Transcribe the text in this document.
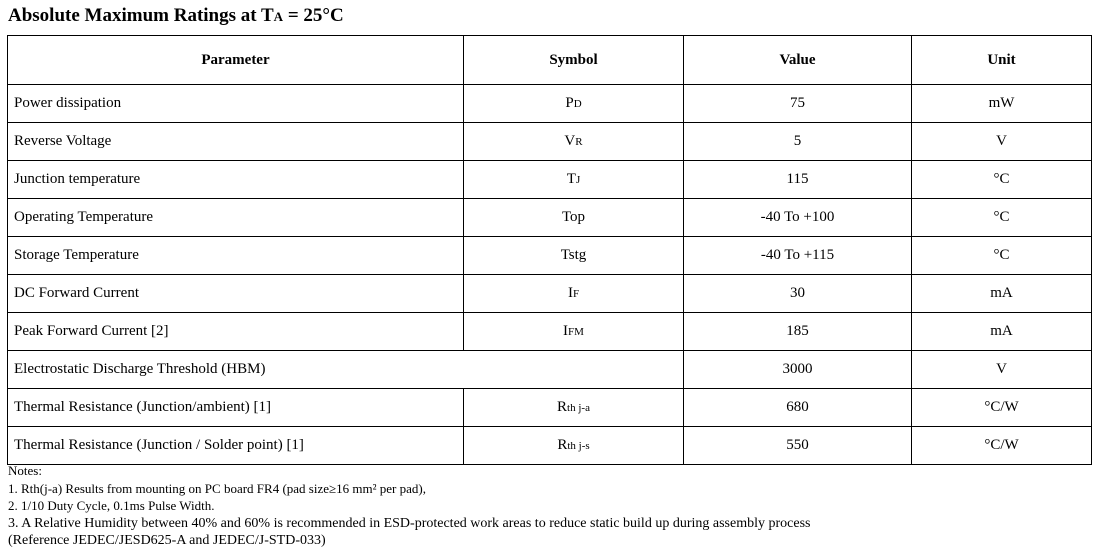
Absolute Maximum Ratings at TA = 25°C
Parameter	Symbol	Value	Unit
Power dissipation	PD	75	mW
Reverse Voltage	VR	5	V
Junction temperature	TJ	115	°C
Operating Temperature	Top	-40 To +100	°C
Storage Temperature	Tstg	-40 To +115	°C
DC Forward Current	IF	30	mA
Peak Forward Current [2]	IFM	185	mA
Electrostatic Discharge Threshold (HBM)		3000	V
Thermal Resistance (Junction/ambient) [1]	Rth j-a	680	°C/W
Thermal Resistance (Junction / Solder point) [1]	Rth j-s	550	°C/W
Notes:
1. Rth(j-a) Results from mounting on PC board FR4 (pad size≥16 mm² per pad),
2. 1/10 Duty Cycle, 0.1ms Pulse Width.
3. A Relative Humidity between 40% and 60% is recommended in ESD-protected work areas to reduce static build up during assembly process
(Reference JEDEC/JESD625-A and JEDEC/J-STD-033)
